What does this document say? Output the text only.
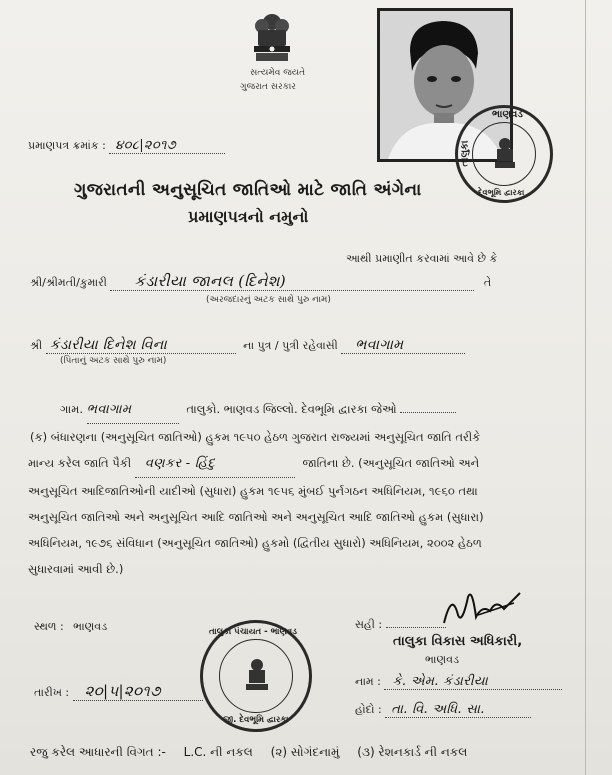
સત્યમેવ જયતે
ગુજરાત સરકાર
ભાણવડ
તાલુકા
દેવભૂમિ દ્વારકા
પ્રમાણપત્ર ક્રમાંક : ૪૦૮|૨૦૧૭
ગુજરાતની અનુસૂચિત જાતિઓ માટે જાતિ અંગેના
પ્રમાણપત્રનો નમુનો
આથી પ્રમાણીત કરવામાં આવે છે કે
શ્રી/શ્રીમતી/કુમારી કંડારીયા જાનલ (દિનેશ)	તે
(અરજદારનું અટક સાથે પુરુ નામ)
શ્રી કંડારીયા દિનેશ વિના	ના પુત્ર / પુત્રી રહેવાસી ભવાગામ
(પિતાનું અટક સાથે પુરુ નામ)
ગામ. ભવાગામ	તાલુકો. ભાણવડ જિલ્લો. દેવભૂમિ દ્વારકા જેઓ
(ક) બંધારણના (અનુસૂચિત જાતિઓ) હુકમ ૧૯૫૦ હેઠળ ગુજરાત રાજ્યમાં અનુસૂચિત જાતિ તરીકે
માન્ય કરેલ જાતિ પૈકી વણકર - હિંદુ	જાતિના છે. (અનુસૂચિત જાતિઓ અને
અનુસૂચિત આદિજાતિઓની યાદીઓ (સુધારા) હુકમ ૧૯૫૬ મુંબઈ પુર્નગઠન અધિનિયમ, ૧૯૬૦ તથા
અનુસૂચિત જાતિઓ અને અનુસૂચિત આદિ જાતિઓ અને અનુસૂચિત આદિ જાતિઓ હુકમ (સુધારા)
અધિનિયમ, ૧૯૭૬ સંવિધાન (અનુસૂચિત જાતિઓ) હુકમો (દ્વિતીય સુધારો) અધિનિયમ, ૨૦૦૨ હેઠળ
સુધારવામાં આવી છે.)
સ્થળ : ભાણવડ	સહી :
તાલુકા વિકાસ અધિકારી,
ભાણવડ
નામ : કે. એમ. કંડારીયા
હોદો : તા. વિ. અધિ. સા.
તારીખ : ૨૦|૫|૨૦૧૭
તાલુકા પંચાયત - ભાણવડ
જી. દેવભૂમિ દ્વારકા
રજુ કરેલ આધારની વિગત :- L.C. ની નકલ (૨) સોગંદનામું (૩) રેશનકાર્ડ ની નકલ
